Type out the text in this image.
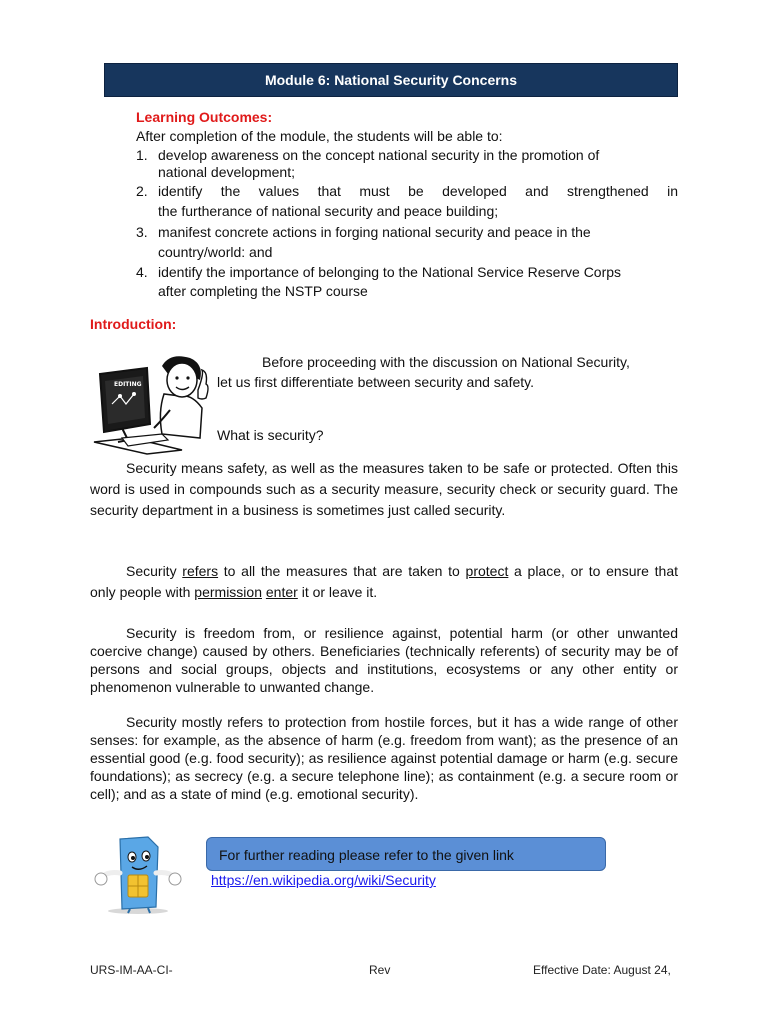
Module 6: National Security Concerns
Learning Outcomes:
After completion of the module, the students will be able to:
1. develop awareness on the concept national security in the promotion of
national development;
2. identify the values that must be developed and strengthened in
the furtherance of national security and peace building;
3. manifest concrete actions in forging national security and peace in the
country/world: and
4. identify the importance of belonging to the National Service Reserve Corps
after completing the NSTP course
Introduction:
EDITING
Before proceeding with the discussion on National Security,
let us first differentiate between security and safety.
What is security?
Security means safety, as well as the measures taken to be safe or protected. Often this word is used in compounds such as a security measure, security check or security guard. The security department in a business is sometimes just called security.
Security refers to all the measures that are taken to protect a place, or to ensure that only people with permission enter it or leave it.
Security is freedom from, or resilience against, potential harm (or other unwanted coercive change) caused by others. Beneficiaries (technically referents) of security may be of persons and social groups, objects and institutions, ecosystems or any other entity or phenomenon vulnerable to unwanted change.
Security mostly refers to protection from hostile forces, but it has a wide range of other senses: for example, as the absence of harm (e.g. freedom from want); as the presence of an essential good (e.g. food security); as resilience against potential damage or harm (e.g. secure foundations); as secrecy (e.g. a secure telephone line); as containment (e.g. a secure room or cell); and as a state of mind (e.g. emotional security).
For further reading please refer to the given link
https://en.wikipedia.org/wiki/Security
URS-IM-AA-CI-	Rev	Effective Date: August 24,
